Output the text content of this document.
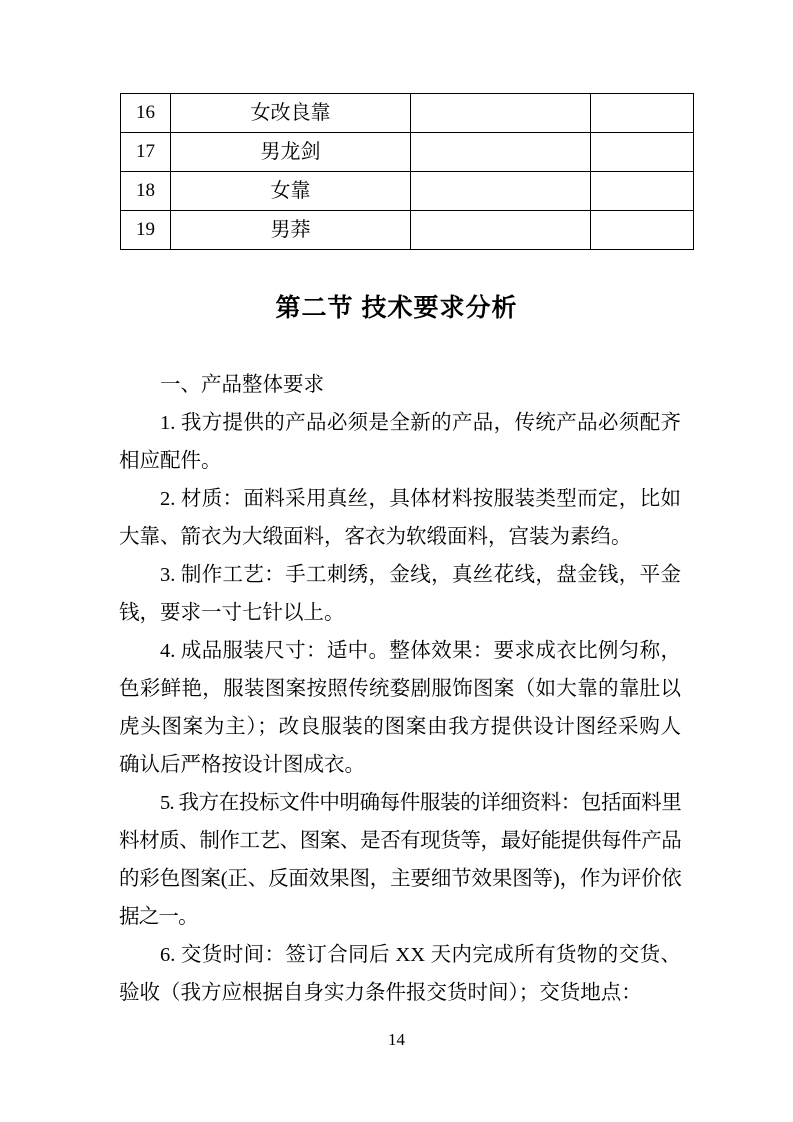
16	女改良靠		
17	男龙剑		
18	女靠		
19	男莽		
第二节 技术要求分析

一、产品整体要求

1. 我方提供的产品必须是全新的产品，传统产品必须配齐相应配件。

2. 材质：面料采用真丝，具体材料按服装类型而定，比如大靠、箭衣为大缎面料，客衣为软缎面料，宫装为素绉。

3. 制作工艺：手工刺绣，金线，真丝花线，盘金钱，平金钱，要求一寸七针以上。

4. 成品服装尺寸：适中。整体效果：要求成衣比例匀称，色彩鲜艳，服装图案按照传统婺剧服饰图案（如大靠的靠肚以虎头图案为主）；改良服装的图案由我方提供设计图经采购人确认后严格按设计图成衣。

5. 我方在投标文件中明确每件服装的详细资料：包括面料里料材质、制作工艺、图案、是否有现货等，最好能提供每件产品的彩色图案(正、反面效果图，主要细节效果图等)，作为评价依据之一。

6. 交货时间：签订合同后 XX 天内完成所有货物的交货、验收（我方应根据自身实力条件报交货时间）；交货地点：

14
